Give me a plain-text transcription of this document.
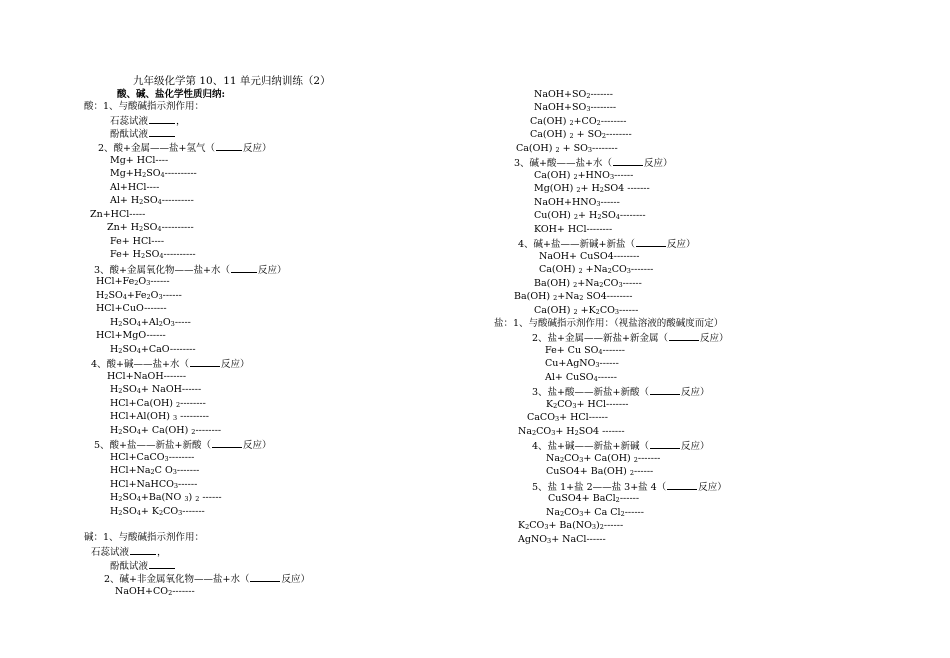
九年级化学第 10、11 单元归纳训练（2）
酸、碱、盐化学性质归纳:
酸：1、与酸碱指示剂作用：
石蕊试液	，
酚酞试液
2、酸+金属——盐+氢气（	反应）
Mg+ HCl----
$Mg+H_2SO_4----------$
Al+HCl----
$Al+ H_2SO_4----------$
Zn+HCl-----
$Zn+ H_2SO_4----------$
Fe+ HCl----
$Fe+ H_2SO_4----------$
3、酸+金属氧化物——盐+水（	反应）
$HCl+Fe_2O_3------$
$H_2SO_4+Fe_2O_3------$
HCl+CuO-------
$H_2SO_4+Al_2O_3-----$
HCl+MgO------
$H_2SO_4+CaO--------$
4、酸+碱——盐+水（	反应）
HCl+NaOH-------
$H_2SO_4+$ NaOH------
HCl+Ca(OH) $_2$--------
HCl+Al(OH) $_3$ ---------
$H_2SO_4+ Ca(OH)$ $_2$--------
5、酸+盐——新盐+新酸（	反应）
HCl+CaCO$_3$--------
$HCl+Na_2C$ $O_3-------$
HCl+NaHCO$_3$------
$H_2SO_4+Ba(NO$ $_3$) $_2$ ------
$H_2SO_4+ K_2CO_3-------$
碱：1、与酸碱指示剂作用：
石蕊试液	，
酚酞试液
2、碱+非金属氧化物——盐+水（	反应）
$NaOH+CO_2-------$
$NaOH+SO_2-------$
$NaOH+SO_3--------$
Ca(OH) $_2+CO_2--------$
Ca(OH) $_2 + SO_2--------$
Ca(OH) $_2 + SO_3--------$
3、碱+酸——盐+水（	反应）
Ca(OH) $_2+HNO_3------$
Mg(OH) $_2+ H_2SO4$ -------
$NaOH+HNO_3------$
Cu(OH) $_2+ H_2SO_4--------$
KOH+ HCl--------
4、碱+盐——新碱+新盐（	反应）
NaOH+ CuSO4--------
Ca(OH) $_2 +Na_2CO_3-------$
Ba(OH) $_2+Na_2CO_3------$
Ba(OH) $_2+Na_2$ SO4--------
Ca(OH) $_2 +K_2CO_3------$
盐：1、与酸碱指示剂作用：（视盐溶液的酸碱度而定）
2、盐+金属——新盐+新金属（	反应）
Fe+ Cu $SO_4-------$
Cu+AgNO$_3$------
Al+ CuSO$_4$------
3、盐+酸——新盐+新酸（	反应）
$K_2CO_3+ HCl-------$
CaCO$_3$+ HCl------
$Na_2CO_3+ H_2SO4$ -------
4、盐+碱——新盐+新碱（	反应）
$Na_2CO_3+ Ca(OH)$ $_2$-------
CuSO4+ Ba(OH) $_2$------
5、盐 1+盐 2——盐 3+盐 4（	反应）
CuSO4+ BaCl$_2$------
$Na_2CO_3+ Ca$ $Cl_2------$
$K_2CO_3+ Ba(NO_3)_2------$
AgNO$_3$+ NaCl------
